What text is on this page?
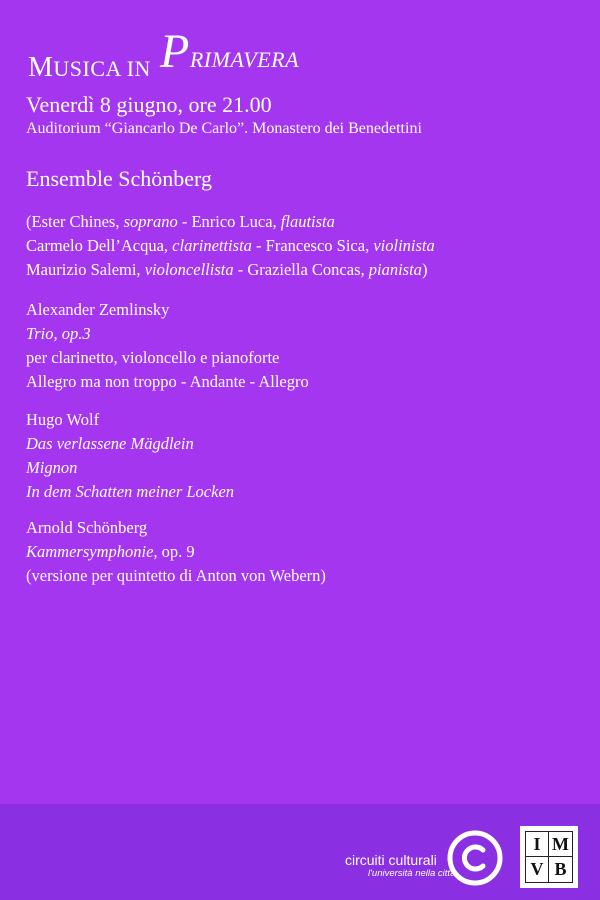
MUSICA IN PRIMAVERA
Venerdì 8 giugno, ore 21.00
Auditorium “Giancarlo De Carlo”. Monastero dei Benedettini
Ensemble Schönberg
(Ester Chines, soprano - Enrico Luca, flautista
Carmelo Dell’Acqua, clarinettista - Francesco Sica, violinista
Maurizio Salemi, violoncellista - Graziella Concas, pianista)
Alexander Zemlinsky
Trio, op.3
per clarinetto, violoncello e pianoforte
Allegro ma non troppo - Andante - Allegro
Hugo Wolf
Das verlassene Mägdlein
Mignon
In dem Schatten meiner Locken
Arnold Schönberg
Kammersymphonie, op. 9
(versione per quintetto di Anton von Webern)
circuiti culturali
l'università nella città
I M
V B
